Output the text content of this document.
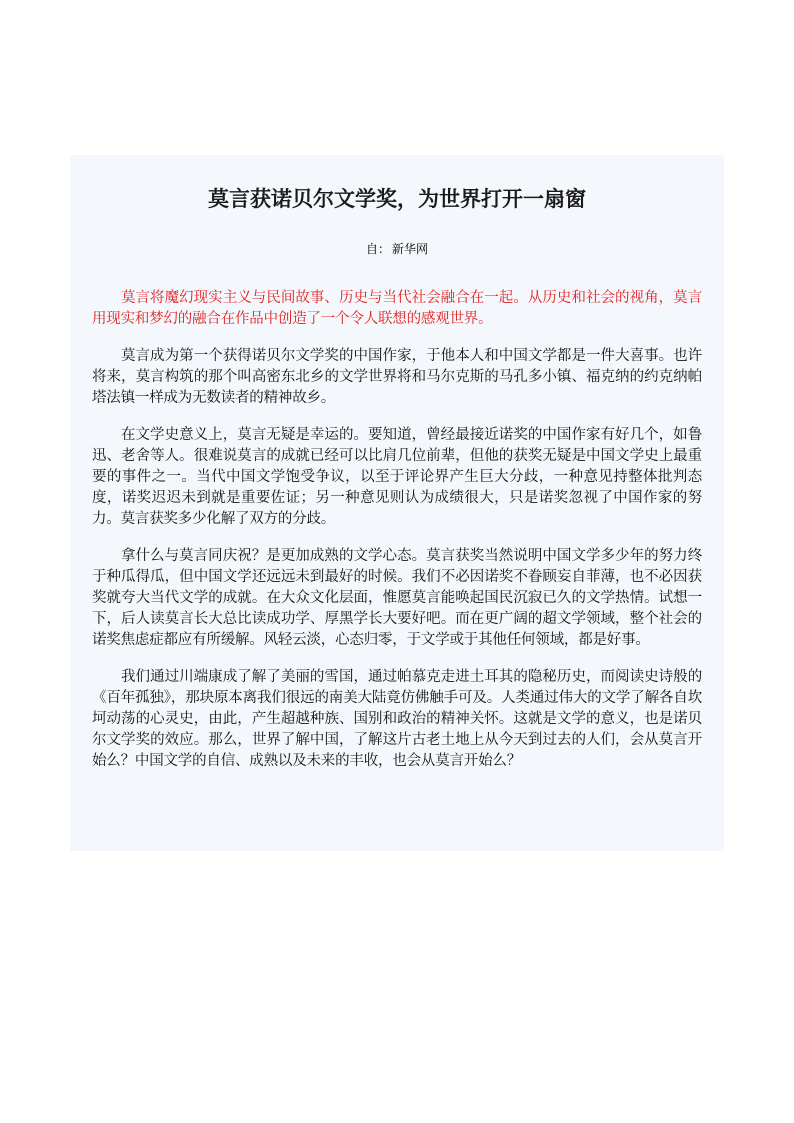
莫言获诺贝尔文学奖，为世界打开一扇窗
自： 新华网

莫言将魔幻现实主义与民间故事、历史与当代社会融合在一起。从历史和社会的视角，莫言用现实和梦幻的融合在作品中创造了一个令人联想的感观世界。

莫言成为第一个获得诺贝尔文学奖的中国作家，于他本人和中国文学都是一件大喜事。也许将来，莫言构筑的那个叫高密东北乡的文学世界将和马尔克斯的马孔多小镇、福克纳的约克纳帕塔法镇一样成为无数读者的精神故乡。

在文学史意义上，莫言无疑是幸运的。要知道，曾经最接近诺奖的中国作家有好几个，如鲁迅、老舍等人。很难说莫言的成就已经可以比肩几位前辈，但他的获奖无疑是中国文学史上最重要的事件之一。当代中国文学饱受争议，以至于评论界产生巨大分歧，一种意见持整体批判态度，诺奖迟迟未到就是重要佐证；另一种意见则认为成绩很大，只是诺奖忽视了中国作家的努力。莫言获奖多少化解了双方的分歧。

拿什么与莫言同庆祝？是更加成熟的文学心态。莫言获奖当然说明中国文学多少年的努力终于种瓜得瓜，但中国文学还远远未到最好的时候。我们不必因诺奖不眷顾妄自菲薄，也不必因获奖就夸大当代文学的成就。在大众文化层面，惟愿莫言能唤起国民沉寂已久的文学热情。试想一下，后人读莫言长大总比读成功学、厚黑学长大要好吧。而在更广阔的超文学领域，整个社会的诺奖焦虑症都应有所缓解。风轻云淡，心态归零，于文学或于其他任何领域，都是好事。

我们通过川端康成了解了美丽的雪国，通过帕慕克走进土耳其的隐秘历史，而阅读史诗般的《百年孤独》，那块原本离我们很远的南美大陆竟仿佛触手可及。人类通过伟大的文学了解各自坎坷动荡的心灵史，由此，产生超越种族、国别和政治的精神关怀。这就是文学的意义，也是诺贝尔文学奖的效应。那么，世界了解中国，了解这片古老土地上从今天到过去的人们，会从莫言开始么？中国文学的自信、成熟以及未来的丰收，也会从莫言开始么？
